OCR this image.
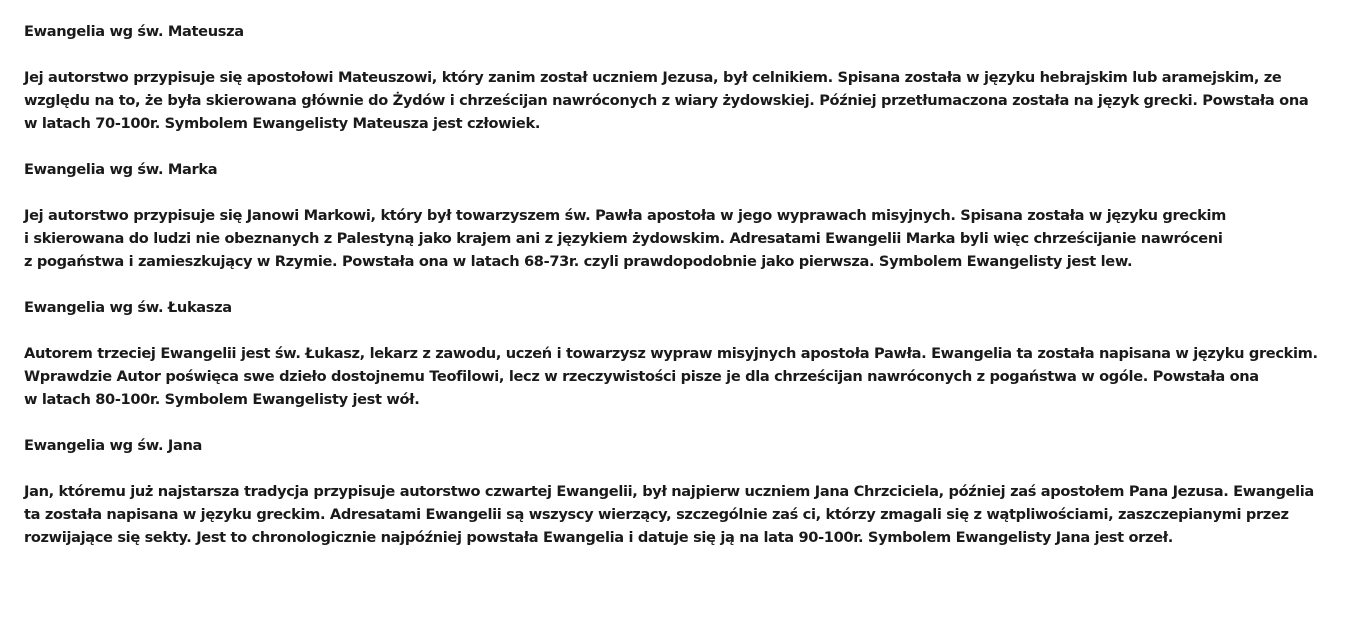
Ewangelia wg św. Mateusza

Jej autorstwo przypisuje się apostołowi Mateuszowi, który zanim został uczniem Jezusa, był celnikiem. Spisana została w języku hebrajskim lub aramejskim, ze
względu na to, że była skierowana głównie do Żydów i chrześcijan nawróconych z wiary żydowskiej. Później przetłumaczona została na język grecki. Powstała ona
w latach 70-100r. Symbolem Ewangelisty Mateusza jest człowiek.

Ewangelia wg św. Marka

Jej autorstwo przypisuje się Janowi Markowi, który był towarzyszem św. Pawła apostoła w jego wyprawach misyjnych. Spisana została w języku greckim
i skierowana do ludzi nie obeznanych z Palestyną jako krajem ani z językiem żydowskim. Adresatami Ewangelii Marka byli więc chrześcijanie nawróceni
z pogaństwa i zamieszkujący w Rzymie. Powstała ona w latach 68-73r. czyli prawdopodobnie jako pierwsza. Symbolem Ewangelisty jest lew.

Ewangelia wg św. Łukasza

Autorem trzeciej Ewangelii jest św. Łukasz, lekarz z zawodu, uczeń i towarzysz wypraw misyjnych apostoła Pawła. Ewangelia ta została napisana w języku greckim.
Wprawdzie Autor poświęca swe dzieło dostojnemu Teofilowi, lecz w rzeczywistości pisze je dla chrześcijan nawróconych z pogaństwa w ogóle. Powstała ona
w latach 80-100r. Symbolem Ewangelisty jest wół.

Ewangelia wg św. Jana

Jan, któremu już najstarsza tradycja przypisuje autorstwo czwartej Ewangelii, był najpierw uczniem Jana Chrzciciela, później zaś apostołem Pana Jezusa. Ewangelia
ta została napisana w języku greckim. Adresatami Ewangelii są wszyscy wierzący, szczególnie zaś ci, którzy zmagali się z wątpliwościami, zaszczepianymi przez
rozwijające się sekty. Jest to chronologicznie najpóźniej powstała Ewangelia i datuje się ją na lata 90-100r. Symbolem Ewangelisty Jana jest orzeł.
